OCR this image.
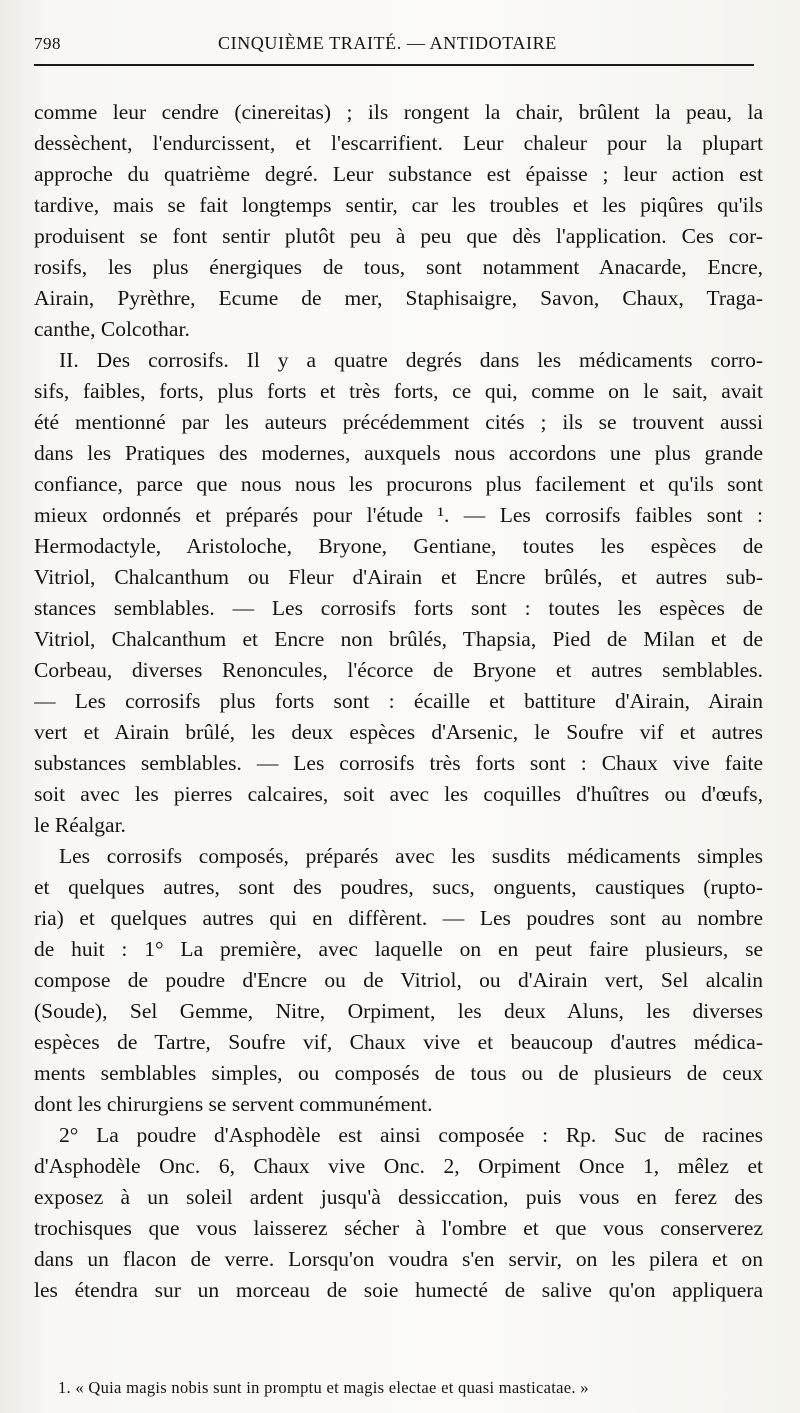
798	CINQUIÈME TRAITÉ. — ANTIDOTAIRE
comme leur cendre (cinereitas) ; ils rongent la chair, brûlent la peau, la
dessèchent, l'endurcissent, et l'escarrifient. Leur chaleur pour la plupart
approche du quatrième degré. Leur substance est épaisse ; leur action est
tardive, mais se fait longtemps sentir, car les troubles et les piqûres qu'ils
produisent se font sentir plutôt peu à peu que dès l'application. Ces cor-
rosifs, les plus énergiques de tous, sont notamment Anacarde, Encre,
Airain, Pyrèthre, Ecume de mer, Staphisaigre, Savon, Chaux, Traga-
canthe, Colcothar.
II. Des corrosifs. Il y a quatre degrés dans les médicaments corro-
sifs, faibles, forts, plus forts et très forts, ce qui, comme on le sait, avait
été mentionné par les auteurs précédemment cités ; ils se trouvent aussi
dans les Pratiques des modernes, auxquels nous accordons une plus grande
confiance, parce que nous nous les procurons plus facilement et qu'ils sont
mieux ordonnés et préparés pour l'étude ¹. — Les corrosifs faibles sont :
Hermodactyle, Aristoloche, Bryone, Gentiane, toutes les espèces de
Vitriol, Chalcanthum ou Fleur d'Airain et Encre brûlés, et autres sub-
stances semblables. — Les corrosifs forts sont : toutes les espèces de
Vitriol, Chalcanthum et Encre non brûlés, Thapsia, Pied de Milan et de
Corbeau, diverses Renoncules, l'écorce de Bryone et autres semblables.
— Les corrosifs plus forts sont : écaille et battiture d'Airain, Airain
vert et Airain brûlé, les deux espèces d'Arsenic, le Soufre vif et autres
substances semblables. — Les corrosifs très forts sont : Chaux vive faite
soit avec les pierres calcaires, soit avec les coquilles d'huîtres ou d'œufs,
le Réalgar.
Les corrosifs composés, préparés avec les susdits médicaments simples
et quelques autres, sont des poudres, sucs, onguents, caustiques (rupto-
ria) et quelques autres qui en diffèrent. — Les poudres sont au nombre
de huit : 1° La première, avec laquelle on en peut faire plusieurs, se
compose de poudre d'Encre ou de Vitriol, ou d'Airain vert, Sel alcalin
(Soude), Sel Gemme, Nitre, Orpiment, les deux Aluns, les diverses
espèces de Tartre, Soufre vif, Chaux vive et beaucoup d'autres médica-
ments semblables simples, ou composés de tous ou de plusieurs de ceux
dont les chirurgiens se servent communément.
2° La poudre d'Asphodèle est ainsi composée : Rp. Suc de racines
d'Asphodèle Onc. 6, Chaux vive Onc. 2, Orpiment Once 1, mêlez et
exposez à un soleil ardent jusqu'à dessiccation, puis vous en ferez des
trochisques que vous laisserez sécher à l'ombre et que vous conserverez
dans un flacon de verre. Lorsqu'on voudra s'en servir, on les pilera et on
les étendra sur un morceau de soie humecté de salive qu'on appliquera
1. « Quia magis nobis sunt in promptu et magis electae et quasi masticatae. »
